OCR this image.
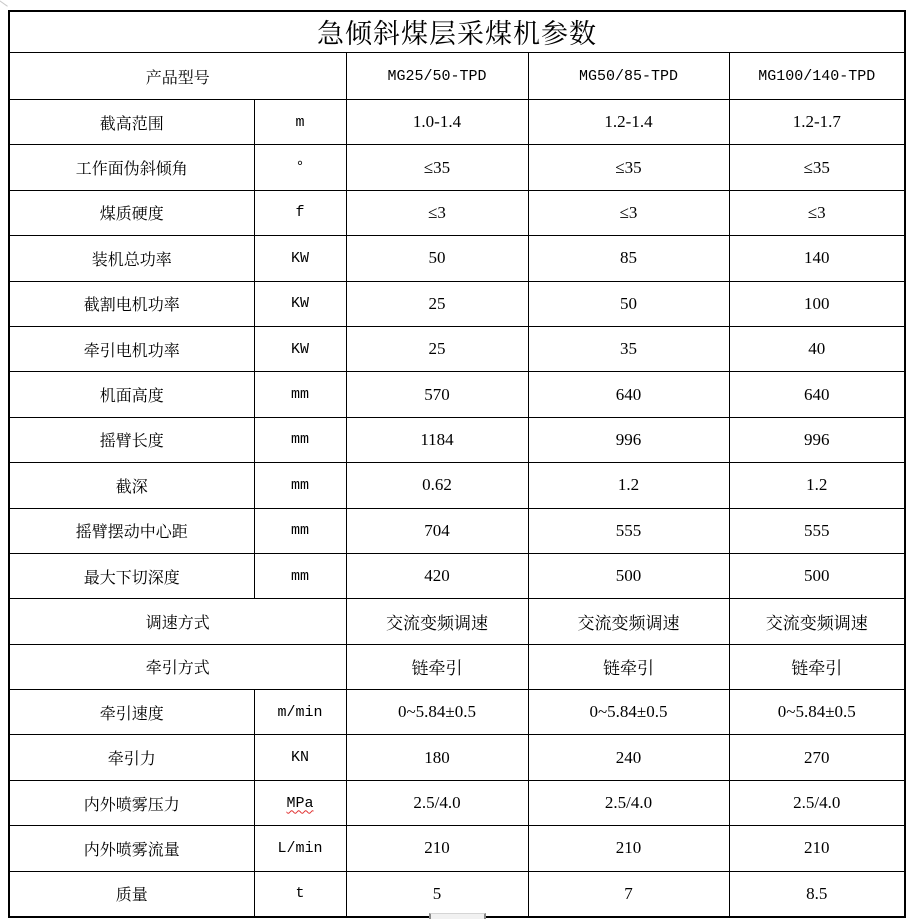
急倾斜煤层采煤机参数				
产品型号		MG25/50-TPD	MG50/85-TPD	MG100/140-TPD
截高范围	m	1.0-1.4	1.2-1.4	1.2-1.7
工作面伪斜倾角	°	≤35	≤35	≤35
煤质硬度	f	≤3	≤3	≤3
装机总功率	KW	50	85	140
截割电机功率	KW	25	50	100
牵引电机功率	KW	25	35	40
机面高度	mm	570	640	640
摇臂长度	mm	1184	996	996
截深	mm	0.62	1.2	1.2
摇臂摆动中心距	mm	704	555	555
最大下切深度	mm	420	500	500
调速方式		交流变频调速	交流变频调速	交流变频调速
牵引方式		链牵引	链牵引	链牵引
牵引速度	m/min	0~5.84±0.5	0~5.84±0.5	0~5.84±0.5
牵引力	KN	180	240	270
内外喷雾压力	MPa	2.5/4.0	2.5/4.0	2.5/4.0
内外喷雾流量	L/min	210	210	210
质量	t	5	7	8.5
